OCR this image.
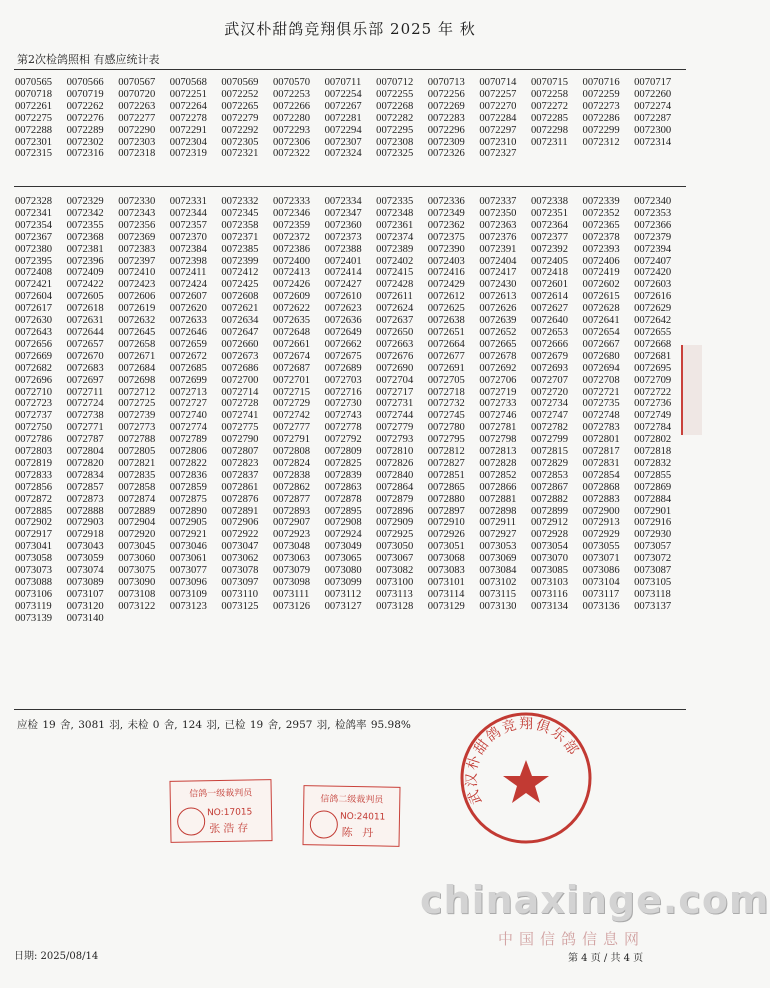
武汉朴甜鸽竞翔俱乐部 2025 年 秋
第2次检鸽照相 有感应统计表
0070565 0070566 0070567 0070568 0070569 0070570 0070711 0070712 0070713 0070714 0070715 0070716 00707170070718 0070719 0070720 0072251 0072252 0072253 0072254 0072255 0072256 0072257 0072258 0072259 00722600072261 0072262 0072263 0072264 0072265 0072266 0072267 0072268 0072269 0072270 0072272 0072273 00722740072275 0072276 0072277 0072278 0072279 0072280 0072281 0072282 0072283 0072284 0072285 0072286 00722870072288 0072289 0072290 0072291 0072292 0072293 0072294 0072295 0072296 0072297 0072298 0072299 00723000072301 0072302 0072303 0072304 0072305 0072306 0072307 0072308 0072309 0072310 0072311 0072312 00723140072315 0072316 0072318 0072319 0072321 0072322 0072324 0072325 0072326 0072327
0072328 0072329 0072330 0072331 0072332 0072333 0072334 0072335 0072336 0072337 0072338 0072339 00723400072341 0072342 0072343 0072344 0072345 0072346 0072347 0072348 0072349 0072350 0072351 0072352 00723530072354 0072355 0072356 0072357 0072358 0072359 0072360 0072361 0072362 0072363 0072364 0072365 00723660072367 0072368 0072369 0072370 0072371 0072372 0072373 0072374 0072375 0072376 0072377 0072378 00723790072380 0072381 0072383 0072384 0072385 0072386 0072388 0072389 0072390 0072391 0072392 0072393 00723940072395 0072396 0072397 0072398 0072399 0072400 0072401 0072402 0072403 0072404 0072405 0072406 00724070072408 0072409 0072410 0072411 0072412 0072413 0072414 0072415 0072416 0072417 0072418 0072419 00724200072421 0072422 0072423 0072424 0072425 0072426 0072427 0072428 0072429 0072430 0072601 0072602 00726030072604 0072605 0072606 0072607 0072608 0072609 0072610 0072611 0072612 0072613 0072614 0072615 00726160072617 0072618 0072619 0072620 0072621 0072622 0072623 0072624 0072625 0072626 0072627 0072628 00726290072630 0072631 0072632 0072633 0072634 0072635 0072636 0072637 0072638 0072639 0072640 0072641 00726420072643 0072644 0072645 0072646 0072647 0072648 0072649 0072650 0072651 0072652 0072653 0072654 00726550072656 0072657 0072658 0072659 0072660 0072661 0072662 0072663 0072664 0072665 0072666 0072667 00726680072669 0072670 0072671 0072672 0072673 0072674 0072675 0072676 0072677 0072678 0072679 0072680 00726810072682 0072683 0072684 0072685 0072686 0072687 0072689 0072690 0072691 0072692 0072693 0072694 00726950072696 0072697 0072698 0072699 0072700 0072701 0072703 0072704 0072705 0072706 0072707 0072708 00727090072710 0072711 0072712 0072713 0072714 0072715 0072716 0072717 0072718 0072719 0072720 0072721 00727220072723 0072724 0072725 0072727 0072728 0072729 0072730 0072731 0072732 0072733 0072734 0072735 00727360072737 0072738 0072739 0072740 0072741 0072742 0072743 0072744 0072745 0072746 0072747 0072748 00727490072750 0072771 0072773 0072774 0072775 0072777 0072778 0072779 0072780 0072781 0072782 0072783 00727840072786 0072787 0072788 0072789 0072790 0072791 0072792 0072793 0072795 0072798 0072799 0072801 00728020072803 0072804 0072805 0072806 0072807 0072808 0072809 0072810 0072812 0072813 0072815 0072817 00728180072819 0072820 0072821 0072822 0072823 0072824 0072825 0072826 0072827 0072828 0072829 0072831 00728320072833 0072834 0072835 0072836 0072837 0072838 0072839 0072840 0072851 0072852 0072853 0072854 00728550072856 0072857 0072858 0072859 0072861 0072862 0072863 0072864 0072865 0072866 0072867 0072868 00728690072872 0072873 0072874 0072875 0072876 0072877 0072878 0072879 0072880 0072881 0072882 0072883 00728840072885 0072888 0072889 0072890 0072891 0072893 0072895 0072896 0072897 0072898 0072899 0072900 00729010072902 0072903 0072904 0072905 0072906 0072907 0072908 0072909 0072910 0072911 0072912 0072913 00729160072917 0072918 0072920 0072921 0072922 0072923 0072924 0072925 0072926 0072927 0072928 0072929 00729300073041 0073043 0073045 0073046 0073047 0073048 0073049 0073050 0073051 0073053 0073054 0073055 00730570073058 0073059 0073060 0073061 0073062 0073063 0073065 0073067 0073068 0073069 0073070 0073071 00730720073073 0073074 0073075 0073077 0073078 0073079 0073080 0073082 0073083 0073084 0073085 0073086 00730870073088 0073089 0073090 0073096 0073097 0073098 0073099 0073100 0073101 0073102 0073103 0073104 00731050073106 0073107 0073108 0073109 0073110 0073111 0073112 0073113 0073114 0073115 0073116 0073117 00731180073119 0073120 0073122 0073123 0073125 0073126 0073127 0073128 0073129 0073130 0073134 0073136 00731370073139 0073140
应检 19 舍, 3081 羽, 未检 0 舍, 124 羽, 已检 19 舍, 2957 羽, 检鸽率 95.98%
信鸽一级裁判员
NO:17015
张浩存
信鸽二级裁判员
NO:24011
陈 丹
武汉朴甜鸽竞翔俱乐部
chinaxinge.com
中国信鸽信息网
日期: 2025/08/14	第 4 页 / 共 4 页
